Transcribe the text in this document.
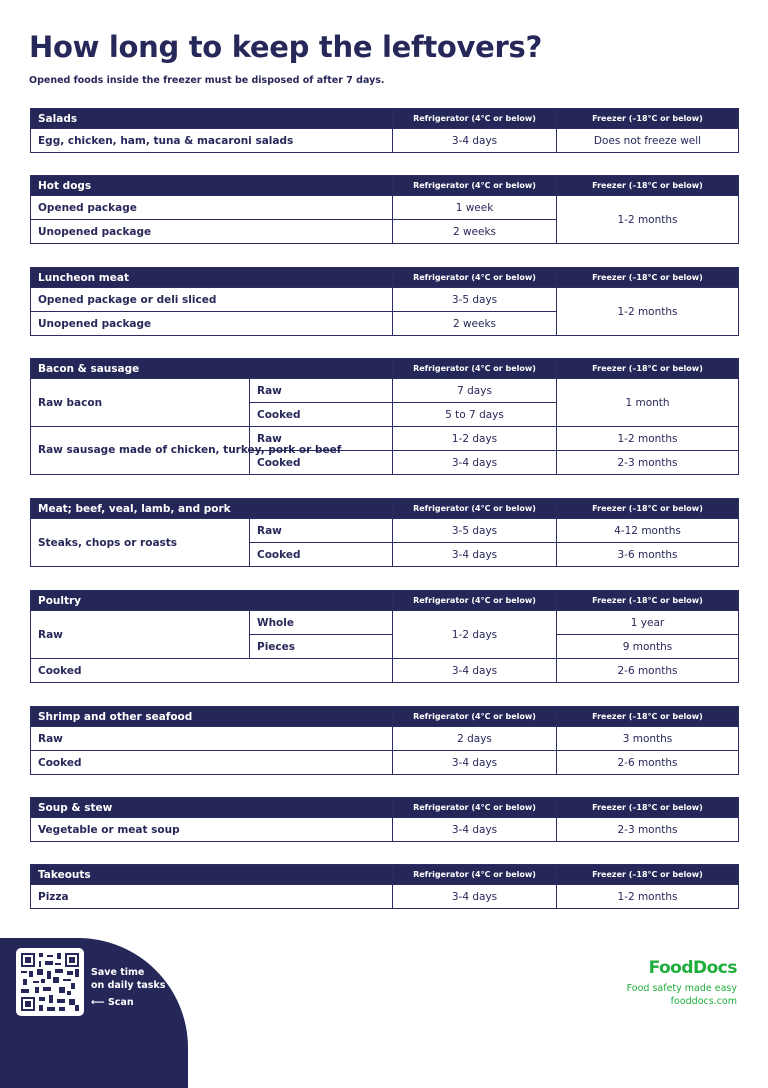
How long to keep the leftovers?

Opened foods inside the freezer must be disposed of after 7 days.

Salads	Refrigerator (4°C or below)	Freezer (–18°C or below)
Egg, chicken, ham, tuna & macaroni salads	3-4 days	Does not freeze well
Hot dogs	Refrigerator (4°C or below)	Freezer (–18°C or below)
Opened package	1 week	1-2 months
Unopened package	2 weeks	
Luncheon meat	Refrigerator (4°C or below)	Freezer (–18°C or below)
Opened package or deli sliced	3-5 days	1-2 months
Unopened package	2 weeks	
Bacon & sausage		Refrigerator (4°C or below)	Freezer (–18°C or below)
Raw bacon	Raw	7 days	1 month
	Cooked	5 to 7 days	
Raw sausage made of chicken, turkey, pork or beef	Raw	1-2 days	1-2 months
	Cooked	3-4 days	2-3 months
Meat; beef, veal, lamb, and pork		Refrigerator (4°C or below)	Freezer (–18°C or below)
Steaks, chops or roasts	Raw	3-5 days	4-12 months
	Cooked	3-4 days	3-6 months
Poultry		Refrigerator (4°C or below)	Freezer (–18°C or below)
Raw	Whole	1-2 days	1 year
	Pieces		9 months
Cooked		3-4 days	2-6 months
Shrimp and other seafood	Refrigerator (4°C or below)	Freezer (–18°C or below)
Raw	2 days	3 months
Cooked	3-4 days	2-6 months
Soup & stew	Refrigerator (4°C or below)	Freezer (–18°C or below)
Vegetable or meat soup	3-4 days	2-3 months
Takeouts	Refrigerator (4°C or below)	Freezer (–18°C or below)
Pizza	3-4 days	1-2 months
Save time
on daily tasks
⟵ Scan
FoodDocs
Food safety made easy
fooddocs.com
